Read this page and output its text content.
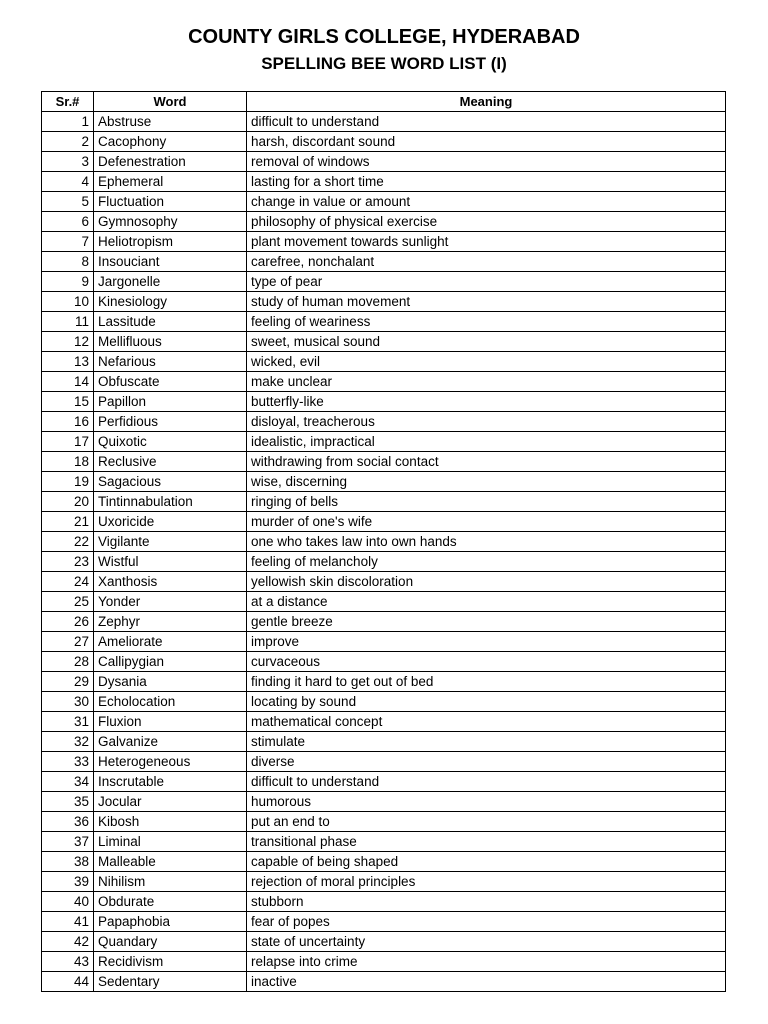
COUNTY GIRLS COLLEGE, HYDERABAD
SPELLING BEE WORD LIST (I)
Sr.#	Word	Meaning
1	Abstruse	difficult to understand
2	Cacophony	harsh, discordant sound
3	Defenestration	removal of windows
4	Ephemeral	lasting for a short time
5	Fluctuation	change in value or amount
6	Gymnosophy	philosophy of physical exercise
7	Heliotropism	plant movement towards sunlight
8	Insouciant	carefree, nonchalant
9	Jargonelle	type of pear
10	Kinesiology	study of human movement
11	Lassitude	feeling of weariness
12	Mellifluous	sweet, musical sound
13	Nefarious	wicked, evil
14	Obfuscate	make unclear
15	Papillon	butterfly-like
16	Perfidious	disloyal, treacherous
17	Quixotic	idealistic, impractical
18	Reclusive	withdrawing from social contact
19	Sagacious	wise, discerning
20	Tintinnabulation	ringing of bells
21	Uxoricide	murder of one's wife
22	Vigilante	one who takes law into own hands
23	Wistful	feeling of melancholy
24	Xanthosis	yellowish skin discoloration
25	Yonder	at a distance
26	Zephyr	gentle breeze
27	Ameliorate	improve
28	Callipygian	curvaceous
29	Dysania	finding it hard to get out of bed
30	Echolocation	locating by sound
31	Fluxion	mathematical concept
32	Galvanize	stimulate
33	Heterogeneous	diverse
34	Inscrutable	difficult to understand
35	Jocular	humorous
36	Kibosh	put an end to
37	Liminal	transitional phase
38	Malleable	capable of being shaped
39	Nihilism	rejection of moral principles
40	Obdurate	stubborn
41	Papaphobia	fear of popes
42	Quandary	state of uncertainty
43	Recidivism	relapse into crime
44	Sedentary	inactive
